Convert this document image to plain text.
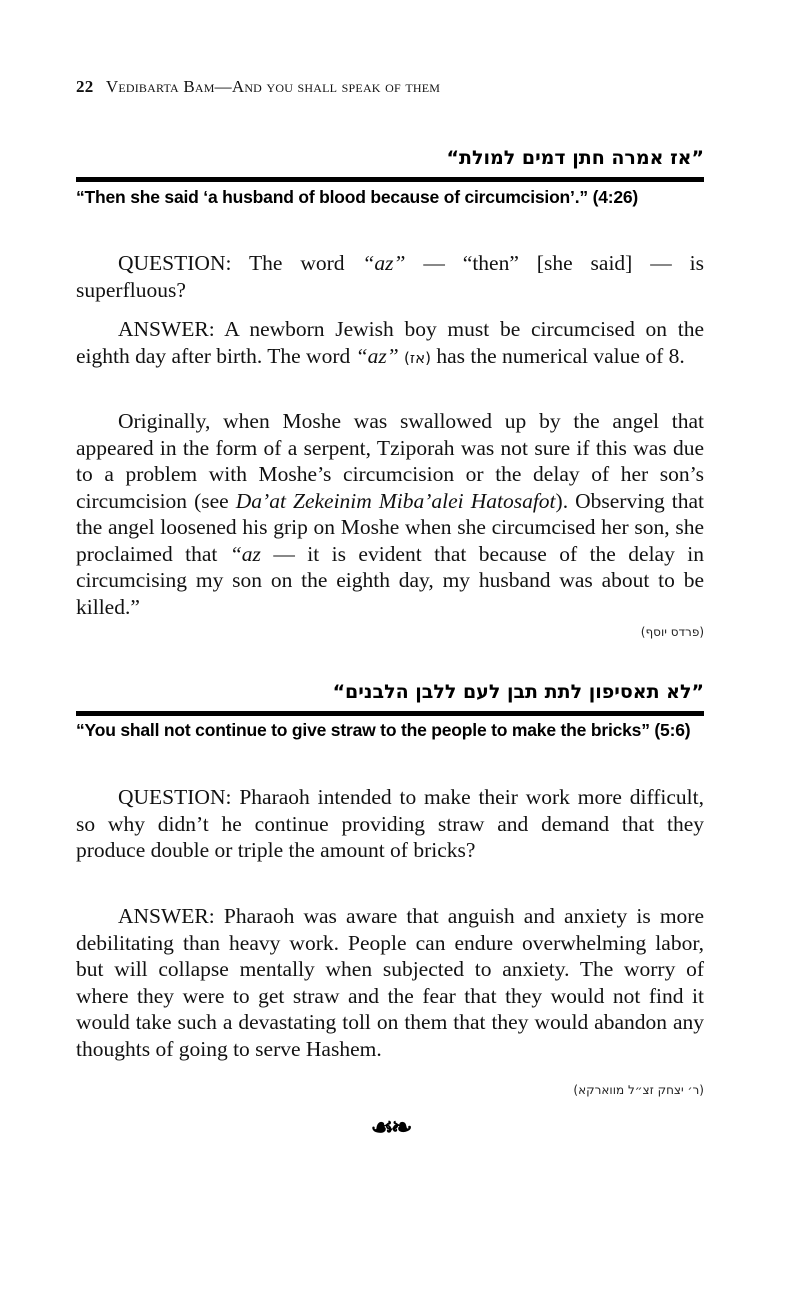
22 Vedibarta Bam—And you shall speak of them
”אז אמרה חתן דמים למולת“
“Then she said ‘a husband of blood because of circumcision’.” (4:26)
QUESTION: The word “az” — “then” [she said] — is superfluous?
ANSWER: A newborn Jewish boy must be circumcised on the eighth day after birth. The word “az” (אז) has the numerical value of 8.
Originally, when Moshe was swallowed up by the angel that appeared in the form of a serpent, Tziporah was not sure if this was due to a problem with Moshe’s circumcision or the delay of her son’s circumcision (see Da’at Zekeinim Miba’alei Hatosafot). Observing that the angel loosened his grip on Moshe when she circumcised her son, she proclaimed that “az — it is evident that because of the delay in circumcising my son on the eighth day, my husband was about to be killed.”
(פרדס יוסף)
”לא תאסיפון לתת תבן לעם ללבן הלבנים“
“You shall not continue to give straw to the people to make the bricks” (5:6)
QUESTION: Pharaoh intended to make their work more difficult, so why didn’t he continue providing straw and demand that they produce double or triple the amount of bricks?
ANSWER: Pharaoh was aware that anguish and anxiety is more debilitating than heavy work. People can endure overwhelming labor, but will collapse mentally when subjected to anxiety. The worry of where they were to get straw and the fear that they would not find it would take such a devastating toll on them that they would abandon any thoughts of going to serve Hashem.
(ר׳ יצחק זצ״ל מווארקא)
☙❧
